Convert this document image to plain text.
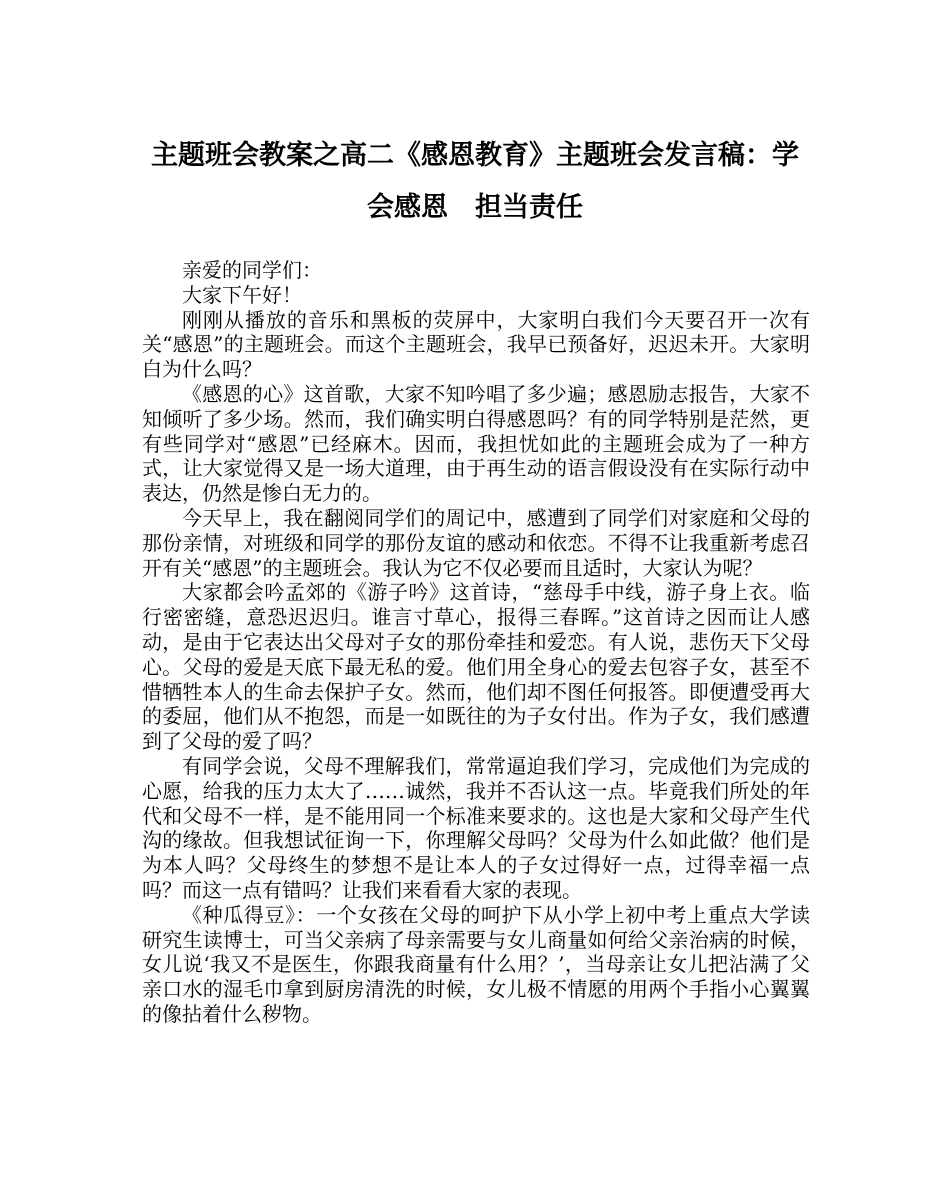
主题班会教案之高二《感恩教育》主题班会发言稿：学
会感恩　担当责任

亲爱的同学们：

大家下午好！

刚刚从播放的音乐和黑板的荧屏中，大家明白我们今天要召开一次有关“感恩”的主题班会。而这个主题班会，我早已预备好，迟迟未开。大家明白为什么吗？

《感恩的心》这首歌，大家不知吟唱了多少遍；感恩励志报告，大家不知倾听了多少场。然而，我们确实明白得感恩吗？有的同学特别是茫然，更有些同学对“感恩”已经麻木。因而，我担忧如此的主题班会成为了一种方式，让大家觉得又是一场大道理，由于再生动的语言假设没有在实际行动中表达，仍然是惨白无力的。

今天早上，我在翻阅同学们的周记中，感遭到了同学们对家庭和父母的那份亲情，对班级和同学的那份友谊的感动和依恋。不得不让我重新考虑召开有关“感恩”的主题班会。我认为它不仅必要而且适时，大家认为呢？

大家都会吟孟郊的《游子吟》这首诗，“慈母手中线，游子身上衣。临行密密缝，意恐迟迟归。谁言寸草心，报得三春晖。”这首诗之因而让人感动，是由于它表达出父母对子女的那份牵挂和爱恋。有人说，悲伤天下父母心。父母的爱是天底下最无私的爱。他们用全身心的爱去包容子女，甚至不惜牺牲本人的生命去保护子女。然而，他们却不图任何报答。即便遭受再大的委屈，他们从不抱怨，而是一如既往的为子女付出。作为子女，我们感遭到了父母的爱了吗？

有同学会说，父母不理解我们，常常逼迫我们学习，完成他们为完成的心愿，给我的压力太大了……诚然，我并不否认这一点。毕竟我们所处的年代和父母不一样，是不能用同一个标准来要求的。这也是大家和父母产生代沟的缘故。但我想试征询一下，你理解父母吗？父母为什么如此做？他们是为本人吗？父母终生的梦想不是让本人的子女过得好一点，过得幸福一点吗？而这一点有错吗？让我们来看看大家的表现。

《种瓜得豆》：一个女孩在父母的呵护下从小学上初中考上重点大学读研究生读博士，可当父亲病了母亲需要与女儿商量如何给父亲治病的时候，女儿说‘我又不是医生，你跟我商量有什么用？’，当母亲让女儿把沾满了父亲口水的湿毛巾拿到厨房清洗的时候，女儿极不情愿的用两个手指小心翼翼的像拈着什么秽物。
